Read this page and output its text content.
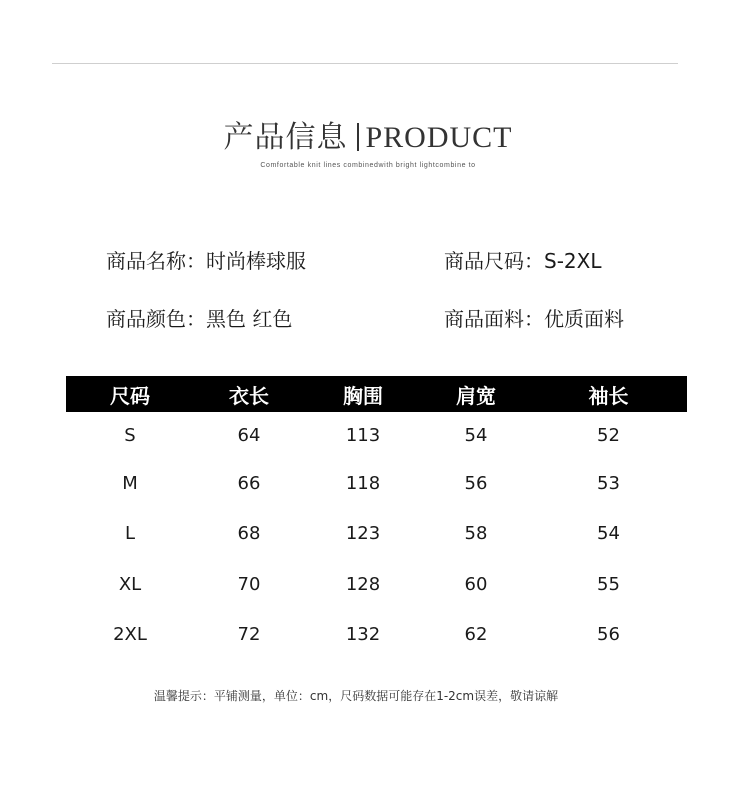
产品信息 PRODUCT
Comfortable knit lines combinedwith bright lightcombine to
商品名称：时尚棒球服	商品尺码：S-2XL
商品颜色：黑色 红色	商品面料：优质面料
尺码	衣长	胸围	肩宽	袖长
S	64	113	54	52
M	66	118	56	53
L	68	123	58	54
XL	70	128	60	55
2XL	72	132	62	56
温馨提示：平铺测量，单位：cm，尺码数据可能存在1-2cm误差，敬请谅解
